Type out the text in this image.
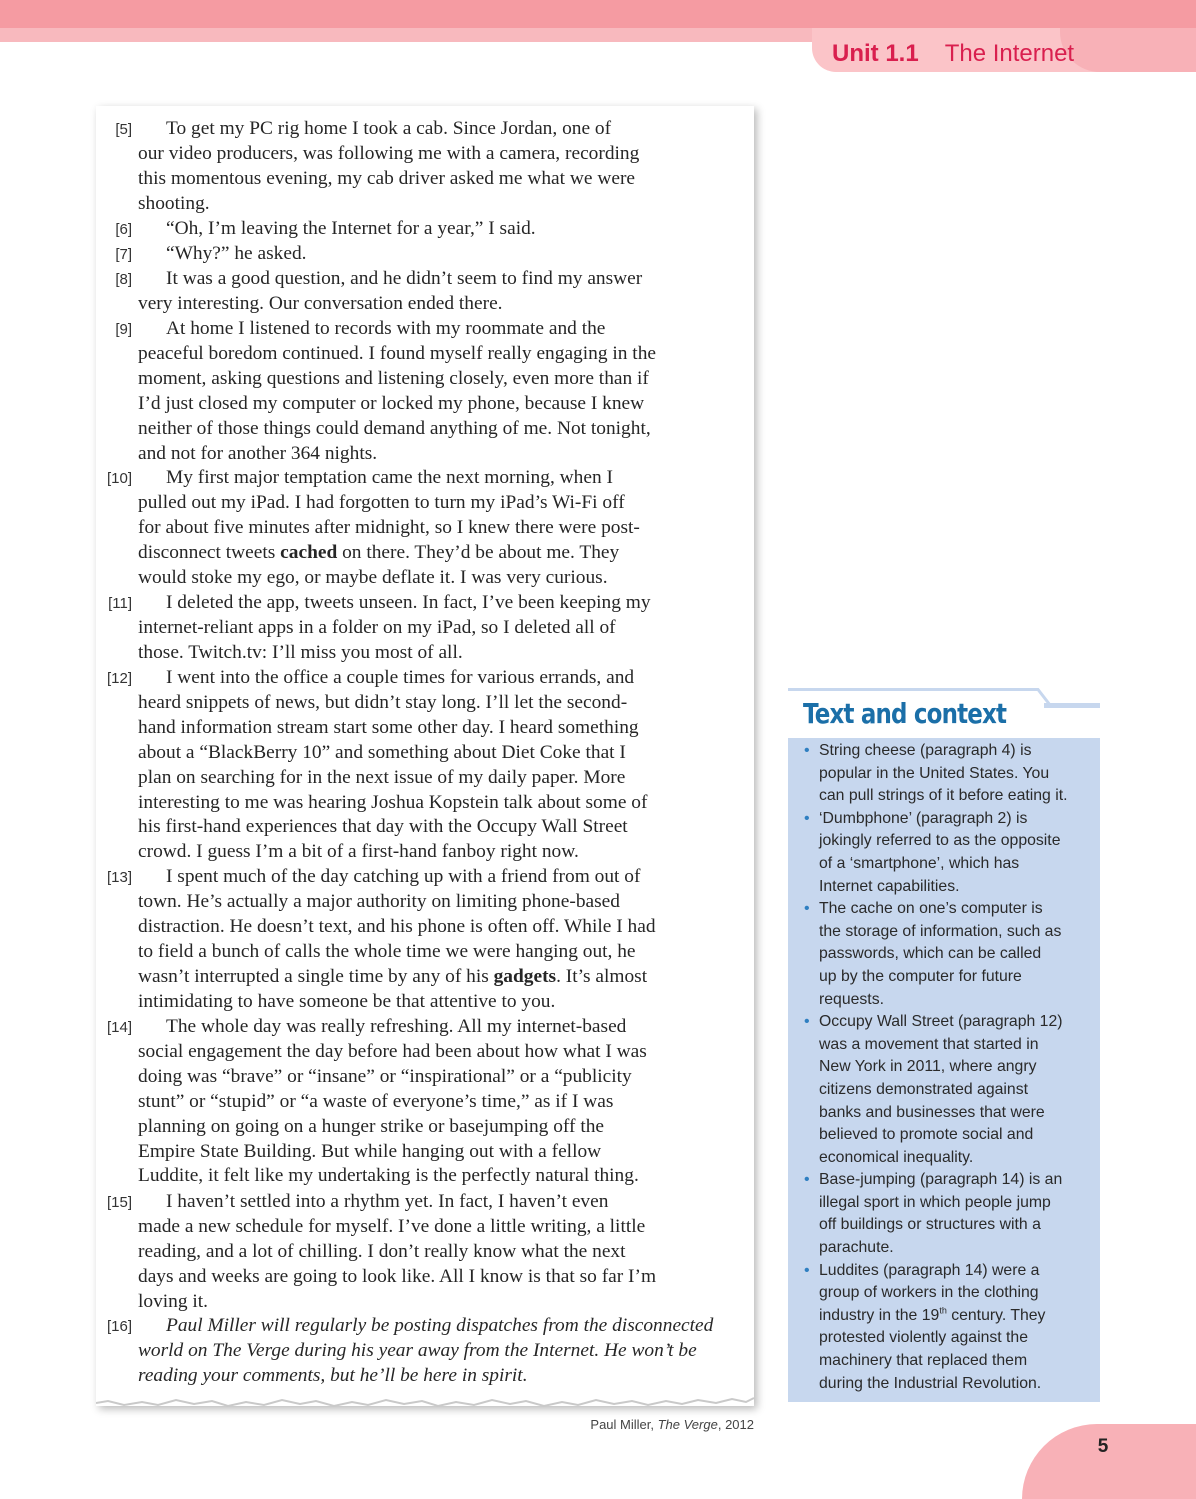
Unit 1.1 The Internet
[5]	To get my PC rig home I took a cab. Since Jordan, one of
our video producers, was following me with a camera, recording
this momentous evening, my cab driver asked me what we were
shooting.
[6]	“Oh, I’m leaving the Internet for a year,” I said.
[7]	“Why?” he asked.
[8]	It was a good question, and he didn’t seem to find my answer
very interesting. Our conversation ended there.
[9]	At home I listened to records with my roommate and the
peaceful boredom continued. I found myself really engaging in the
moment, asking questions and listening closely, even more than if
I’d just closed my computer or locked my phone, because I knew
neither of those things could demand anything of me. Not tonight,
and not for another 364 nights.
[10]	My first major temptation came the next morning, when I
pulled out my iPad. I had forgotten to turn my iPad’s Wi-Fi off
for about five minutes after midnight, so I knew there were post-
disconnect tweets cached on there. They’d be about me. They
would stoke my ego, or maybe deflate it. I was very curious.
[11]	I deleted the app, tweets unseen. In fact, I’ve been keeping my
internet-reliant apps in a folder on my iPad, so I deleted all of
those. Twitch.tv: I’ll miss you most of all.
[12]	I went into the office a couple times for various errands, and
heard snippets of news, but didn’t stay long. I’ll let the second-
hand information stream start some other day. I heard something
about a “BlackBerry 10” and something about Diet Coke that I
plan on searching for in the next issue of my daily paper. More
interesting to me was hearing Joshua Kopstein talk about some of
his first-hand experiences that day with the Occupy Wall Street
crowd. I guess I’m a bit of a first-hand fanboy right now.
[13]	I spent much of the day catching up with a friend from out of
town. He’s actually a major authority on limiting phone-based
distraction. He doesn’t text, and his phone is often off. While I had
to field a bunch of calls the whole time we were hanging out, he
wasn’t interrupted a single time by any of his gadgets. It’s almost
intimidating to have someone be that attentive to you.
[14]	The whole day was really refreshing. All my internet-based
social engagement the day before had been about how what I was
doing was “brave” or “insane” or “inspirational” or a “publicity
stunt” or “stupid” or “a waste of everyone’s time,” as if I was
planning on going on a hunger strike or basejumping off the
Empire State Building. But while hanging out with a fellow
Luddite, it felt like my undertaking is the perfectly natural thing.
[15]	I haven’t settled into a rhythm yet. In fact, I haven’t even
made a new schedule for myself. I’ve done a little writing, a little
reading, and a lot of chilling. I don’t really know what the next
days and weeks are going to look like. All I know is that so far I’m
loving it.
[16]	Paul Miller will regularly be posting dispatches from the disconnected
world on The Verge during his year away from the Internet. He won’t be
reading your comments, but he’ll be here in spirit.
Paul Miller, The Verge, 2012
Text and context
• String cheese (paragraph 4) is
popular in the United States. You
can pull strings of it before eating it.
• ‘Dumbphone’ (paragraph 2) is
jokingly referred to as the opposite
of a ‘smartphone’, which has
Internet capabilities.
• The cache on one’s computer is
the storage of information, such as
passwords, which can be called
up by the computer for future
requests.
• Occupy Wall Street (paragraph 12)
was a movement that started in
New York in 2011, where angry
citizens demonstrated against
banks and businesses that were
believed to promote social and
economical inequality.
• Base-jumping (paragraph 14) is an
illegal sport in which people jump
off buildings or structures with a
parachute.
• Luddites (paragraph 14) were a
group of workers in the clothing
industry in the 19th century. They
protested violently against the
machinery that replaced them
during the Industrial Revolution.
5
